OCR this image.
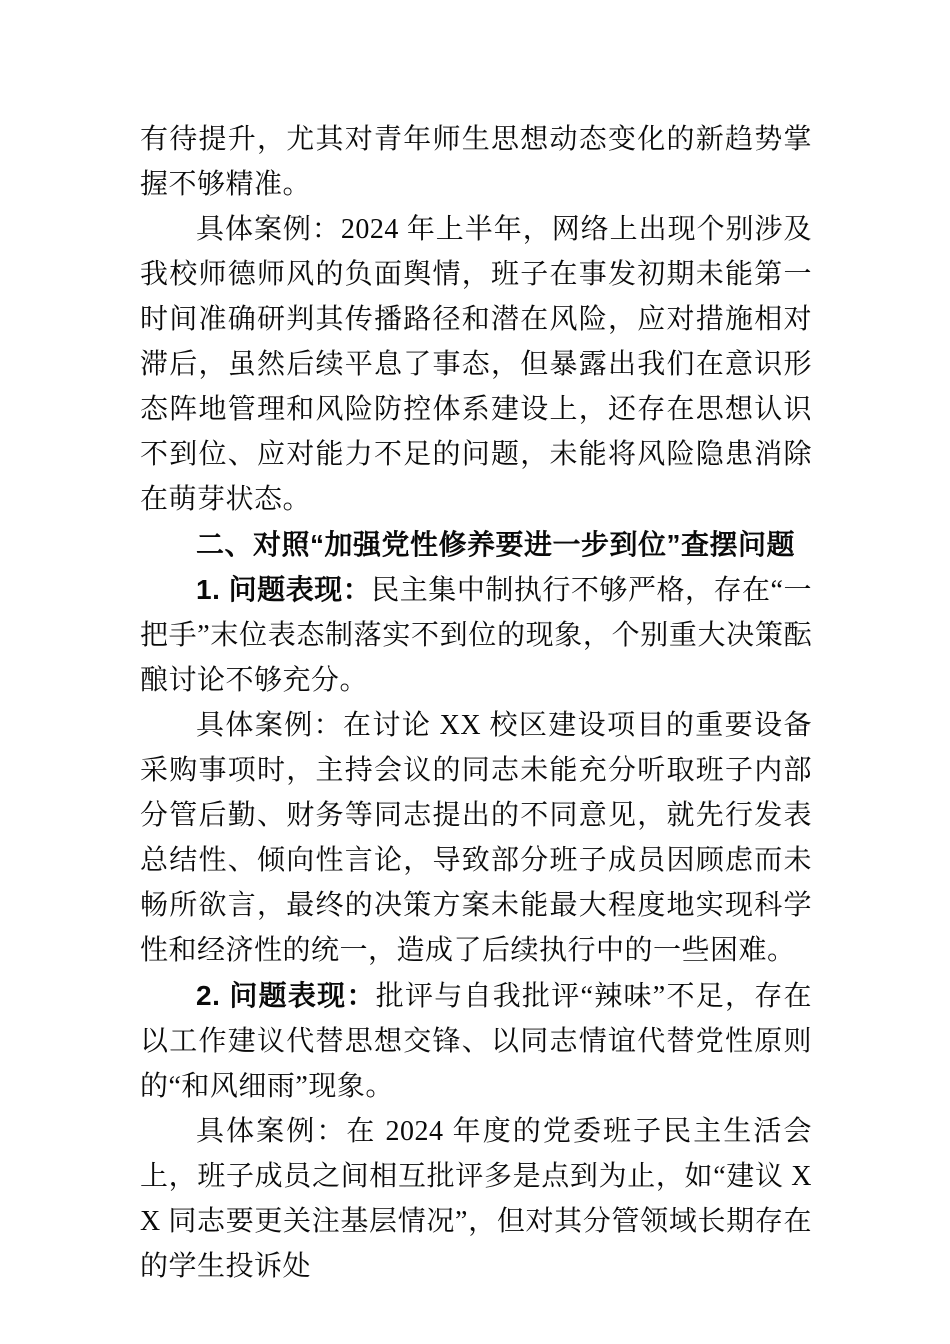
有待提升，尤其对青年师生思想动态变化的新趋势掌握不够精准。

具体案例：2024 年上半年，网络上出现个别涉及我校师德师风的负面舆情，班子在事发初期未能第一时间准确研判其传播路径和潜在风险，应对措施相对滞后，虽然后续平息了事态，但暴露出我们在意识形态阵地管理和风险防控体系建设上，还存在思想认识不到位、应对能力不足的问题，未能将风险隐患消除在萌芽状态。

二、对照“加强党性修养要进一步到位”查摆问题

1. 问题表现：民主集中制执行不够严格，存在“一把手”末位表态制落实不到位的现象，个别重大决策酝酿讨论不够充分。

具体案例：在讨论 XX 校区建设项目的重要设备采购事项时，主持会议的同志未能充分听取班子内部分管后勤、财务等同志提出的不同意见，就先行发表总结性、倾向性言论，导致部分班子成员因顾虑而未畅所欲言，最终的决策方案未能最大程度地实现科学性和经济性的统一，造成了后续执行中的一些困难。

2. 问题表现：批评与自我批评“辣味”不足，存在以工作建议代替思想交锋、以同志情谊代替党性原则的“和风细雨”现象。

具体案例：在 2024 年度的党委班子民主生活会上，班子成员之间相互批评多是点到为止，如“建议 XX 同志要更关注基层情况”，但对其分管领域长期存在的学生投诉处
